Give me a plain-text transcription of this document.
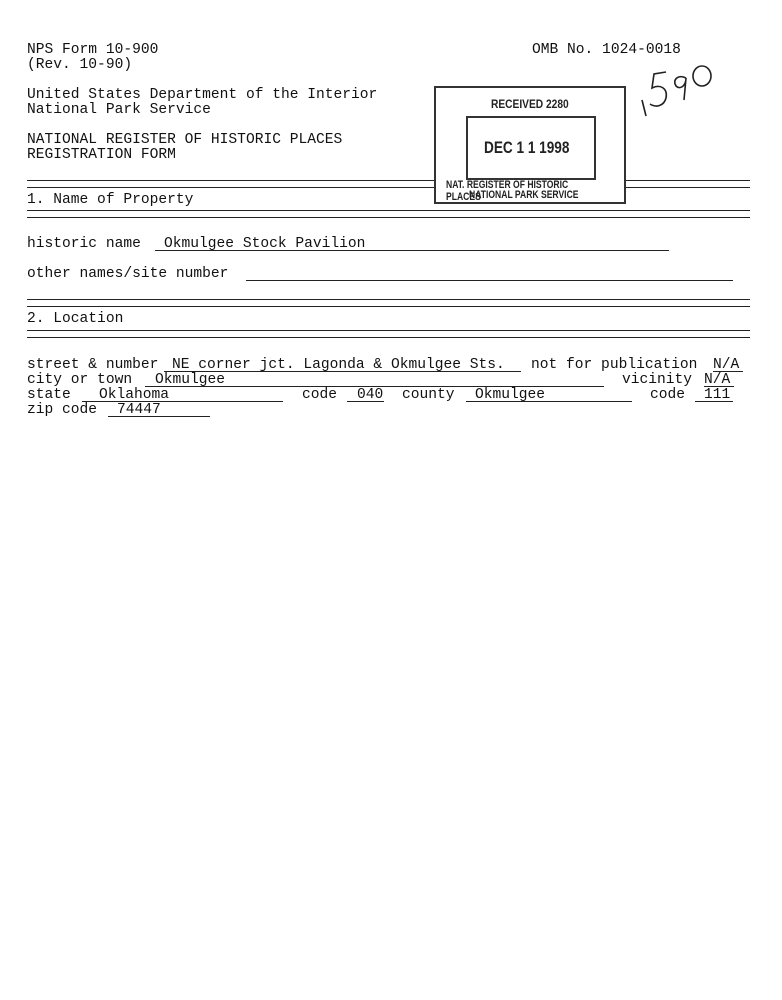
NPS Form 10-900
(Rev. 10-90)
OMB No. 1024-0018
United States Department of the Interior
National Park Service
NATIONAL REGISTER OF HISTORIC PLACES
REGISTRATION FORM
1. Name of Property
historic name Okmulgee Stock Pavilion
other names/site number
RECEIVED 2280
DEC 1 1 1998
NAT. REGISTER OF HISTORIC PLACES
NATIONAL PARK SERVICE
2. Location
street & number NE corner jct. Lagonda & Okmulgee Sts. not for publication N/A
city or town Okmulgee	vicinity N/A
state Oklahoma	code 040 county Okmulgee	code 111
zip code 74447
